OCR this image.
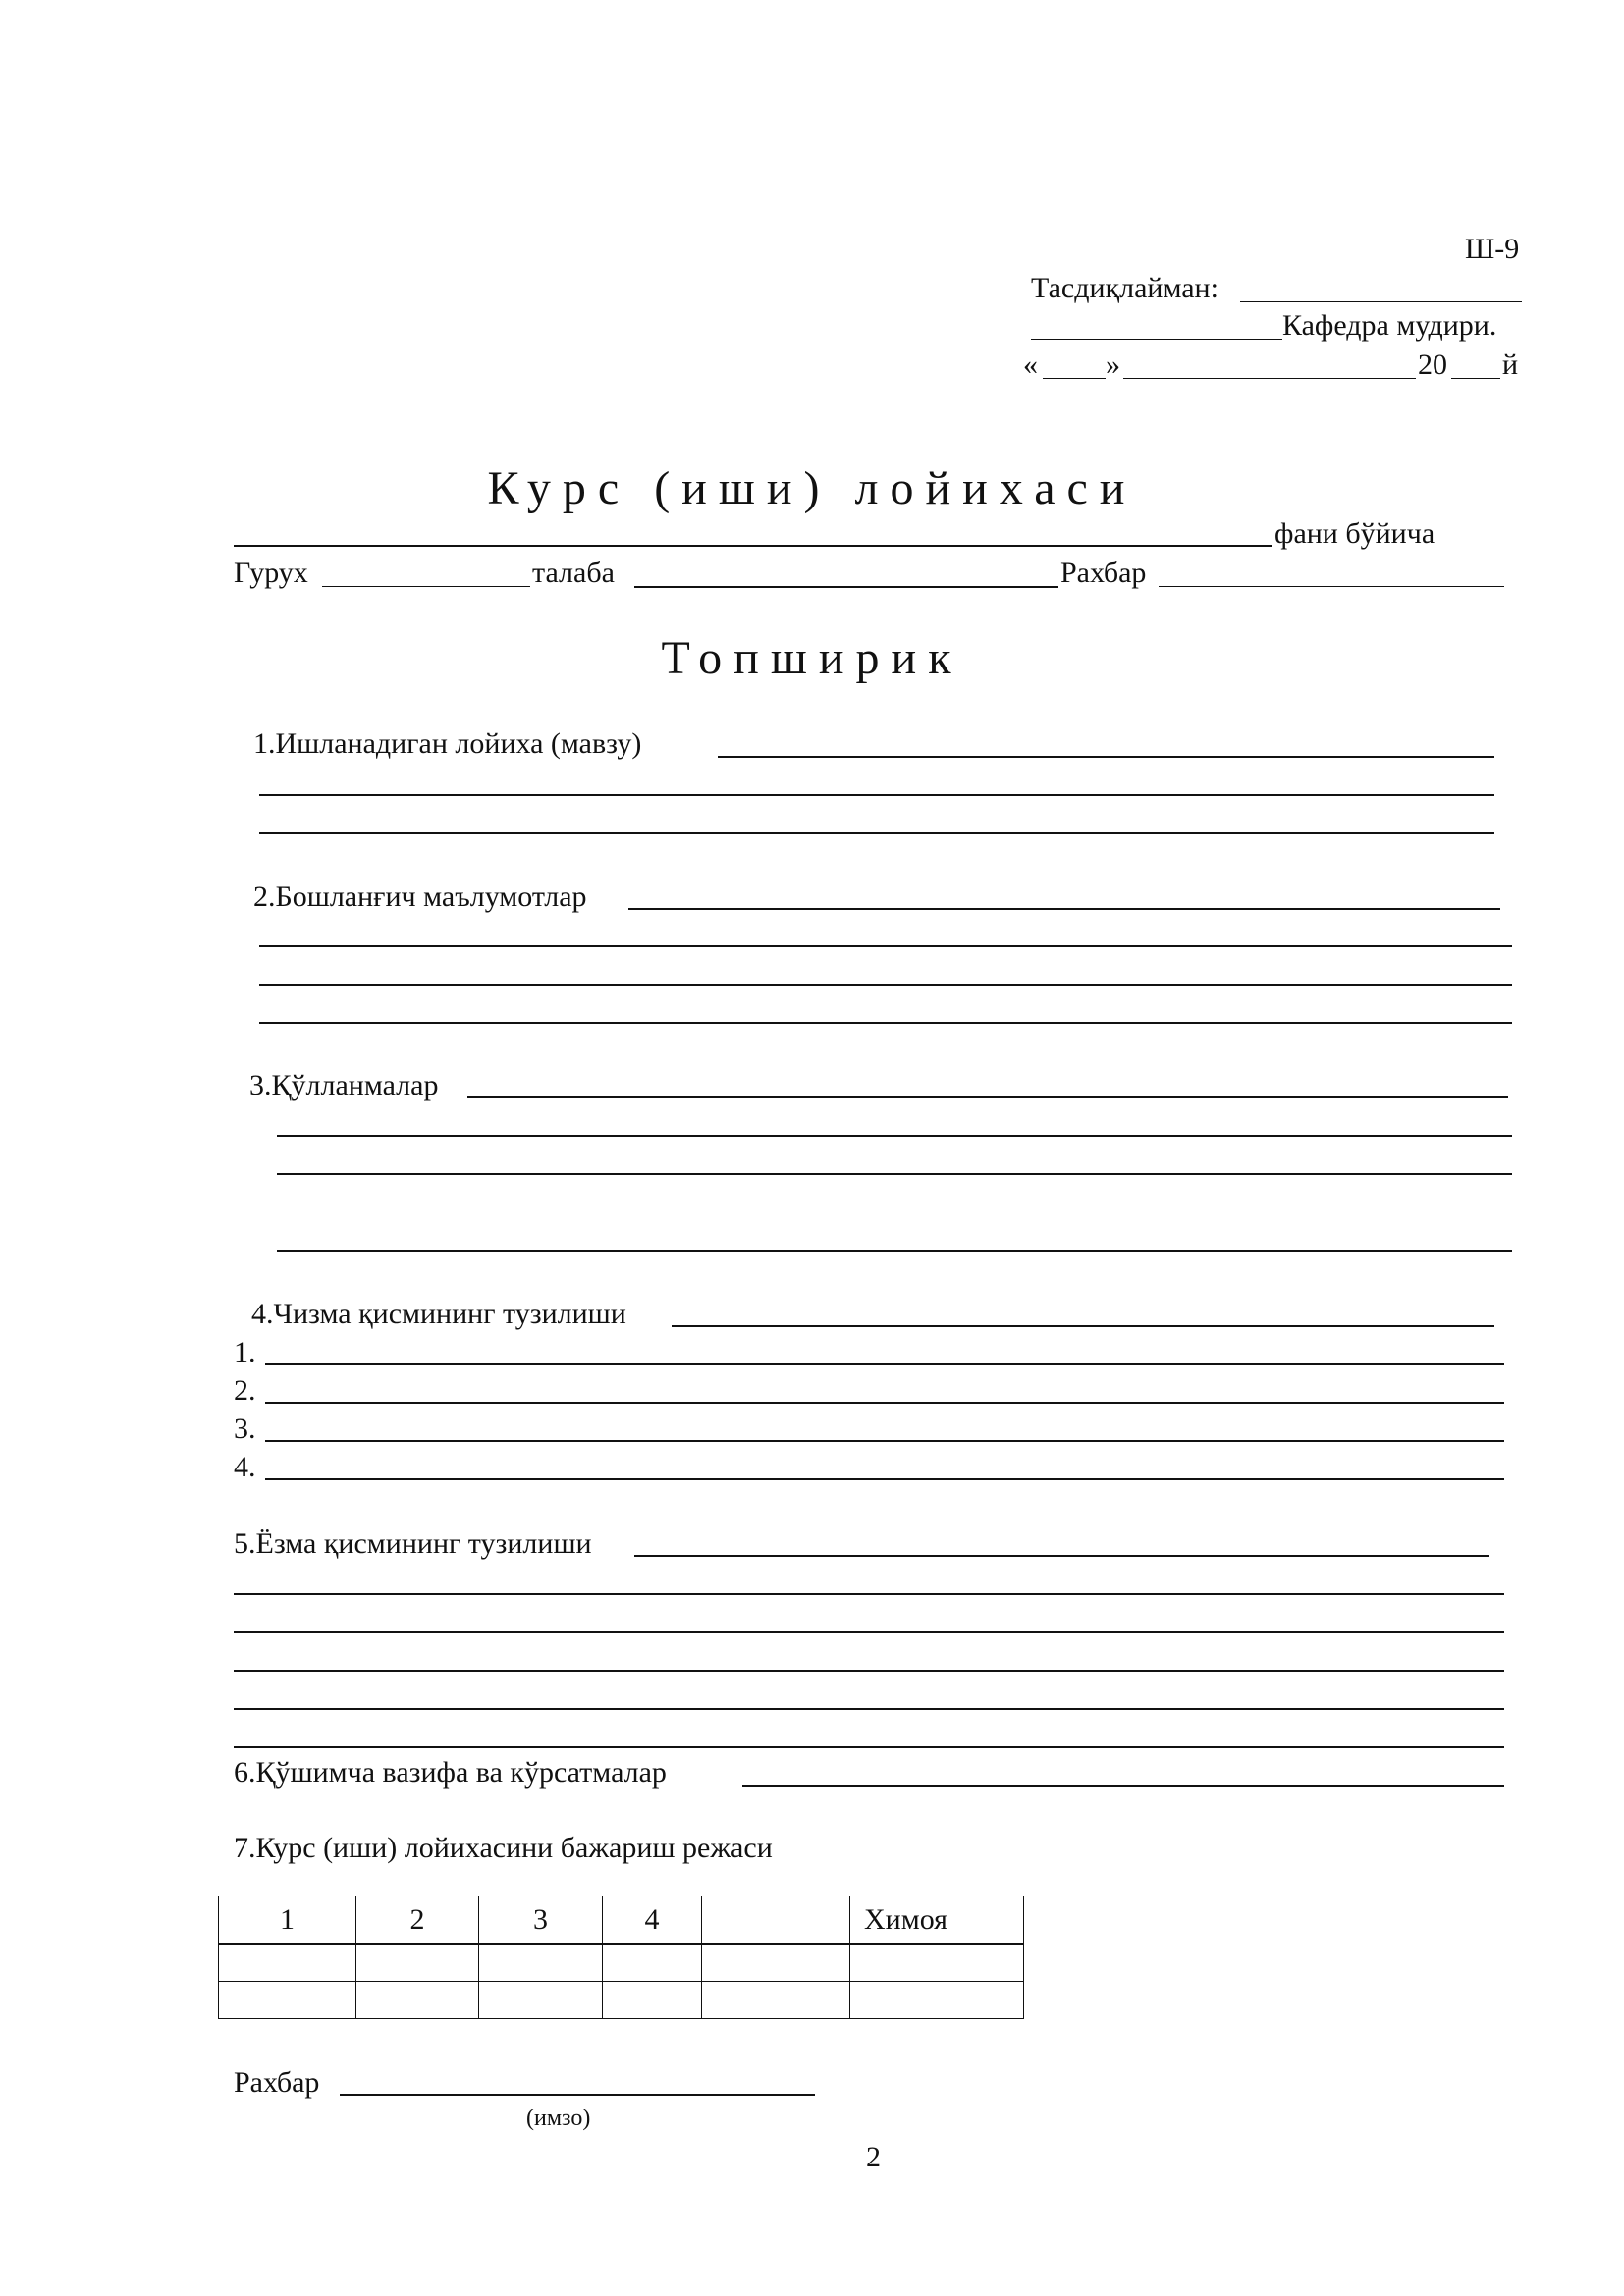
Ш-9
Тасдиқлайман:
Кафедра мудири.
« »	20 й
Курс (иши) лойихаси
фани бўйича
Гурух	талаба	Рахбар
Топширик
1.Ишланадиган лойиха (мавзу)
2.Бошланғич маълумотлар
3.Қўлланмалар
4.Чизма қисмининг тузилиши
1.
2.
3.
4.
5.Ёзма қисмининг тузилиши
6.Қўшимча вазифа ва кўрсатмалар
7.Курс (иши) лойихасини бажариш режаси
1	2	3	4		Химоя

Рахбар
(имзо)
2
